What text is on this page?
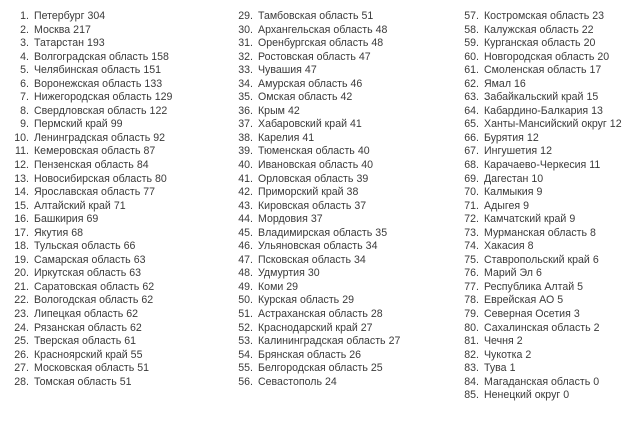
1. Петербург 304
2. Москва 217
3. Татарстан 193
4. Волгоградская область 158
5. Челябинская область 151
6. Воронежская область 133
7. Нижегородская область 129
8. Свердловская область 122
9. Пермский край 99
10. Ленинградская область 92
11. Кемеровская область 87
12. Пензенская область 84
13. Новосибирская область 80
14. Ярославская область 77
15. Алтайский край 71
16. Башкирия 69
17. Якутия 68
18. Тульская область 66
19. Самарская область 63
20. Иркутская область 63
21. Саратовская область 62
22. Вологодская область 62
23. Липецкая область 62
24. Рязанская область 62
25. Тверская область 61
26. Красноярский край 55
27. Московская область 51
28. Томская область 51
29. Тамбовская область 51
30. Архангельская область 48
31. Оренбургская область 48
32. Ростовская область 47
33. Чувашия 47
34. Амурская область 46
35. Омская область 42
36. Крым 42
37. Хабаровский край 41
38. Карелия 41
39. Тюменская область 40
40. Ивановская область 40
41. Орловская область 39
42. Приморский край 38
43. Кировская область 37
44. Мордовия 37
45. Владимирская область 35
46. Ульяновская область 34
47. Псковская область 34
48. Удмуртия 30
49. Коми 29
50. Курская область 29
51. Астраханская область 28
52. Краснодарский край 27
53. Калининградская область 27
54. Брянская область 26
55. Белгородская область 25
56. Севастополь 24
57. Костромская область 23
58. Калужская область 22
59. Курганская область 20
60. Новгородская область 20
61. Смоленская область 17
62. Ямал 16
63. Забайкальский край 15
64. Кабардино-Балкария 13
65. Ханты-Мансийский округ 12
66. Бурятия 12
67. Ингушетия 12
68. Карачаево-Черкесия 11
69. Дагестан 10
70. Калмыкия 9
71. Адыгея 9
72. Камчатский край 9
73. Мурманская область 8
74. Хакасия 8
75. Ставропольский край 6
76. Марий Эл 6
77. Республика Алтай 5
78. Еврейская АО 5
79. Северная Осетия 3
80. Сахалинская область 2
81. Чечня 2
82. Чукотка 2
83. Тува 1
84. Магаданская область 0
85. Ненецкий округ 0
